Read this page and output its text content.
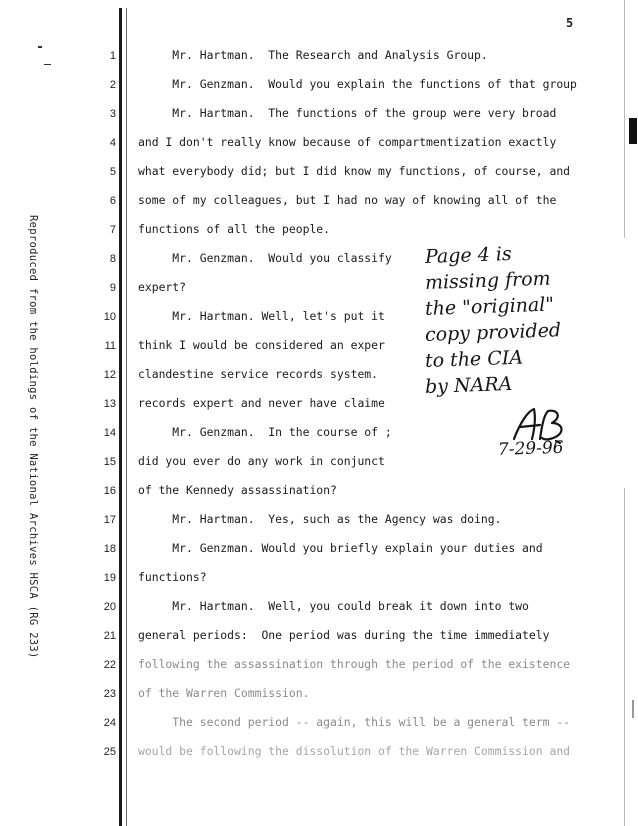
5
Reproduced from the holdings of the National Archives HSCA (RG 233)
1
2
3
4
5
6
7
8
9
10
11
12
13
14
15
16
17
18
19
20
21
22
23
24
25
Mr. Hartman.  The Research and Analysis Group.
Mr. Genzman.  Would you explain the functions of that group
Mr. Hartman.  The functions of the group were very broad
and I don't really know because of compartmentization exactly
what everybody did; but I did know my functions, of course, and
some of my colleagues, but I had no way of knowing all of the
functions of all the people.
Mr. Genzman.  Would you classify
expert?
Mr. Hartman. Well, let's put it
think I would be considered an exper
clandestine service records system.
records expert and never have claime
Mr. Genzman.  In the course of ;
did you ever do any work in conjunct
of the Kennedy assassination?
Mr. Hartman.  Yes, such as the Agency was doing.
Mr. Genzman. Would you briefly explain your duties and
functions?
Mr. Hartman.  Well, you could break it down into two
general periods:  One period was during the time immediately
following the assassination through the period of the existence
of the Warren Commission.
The second period -- again, this will be a general term --
would be following the dissolution of the Warren Commission and
Page 4 is
missing from
the "original"
copy provided
to the CIA
by NARA
7-29-96
